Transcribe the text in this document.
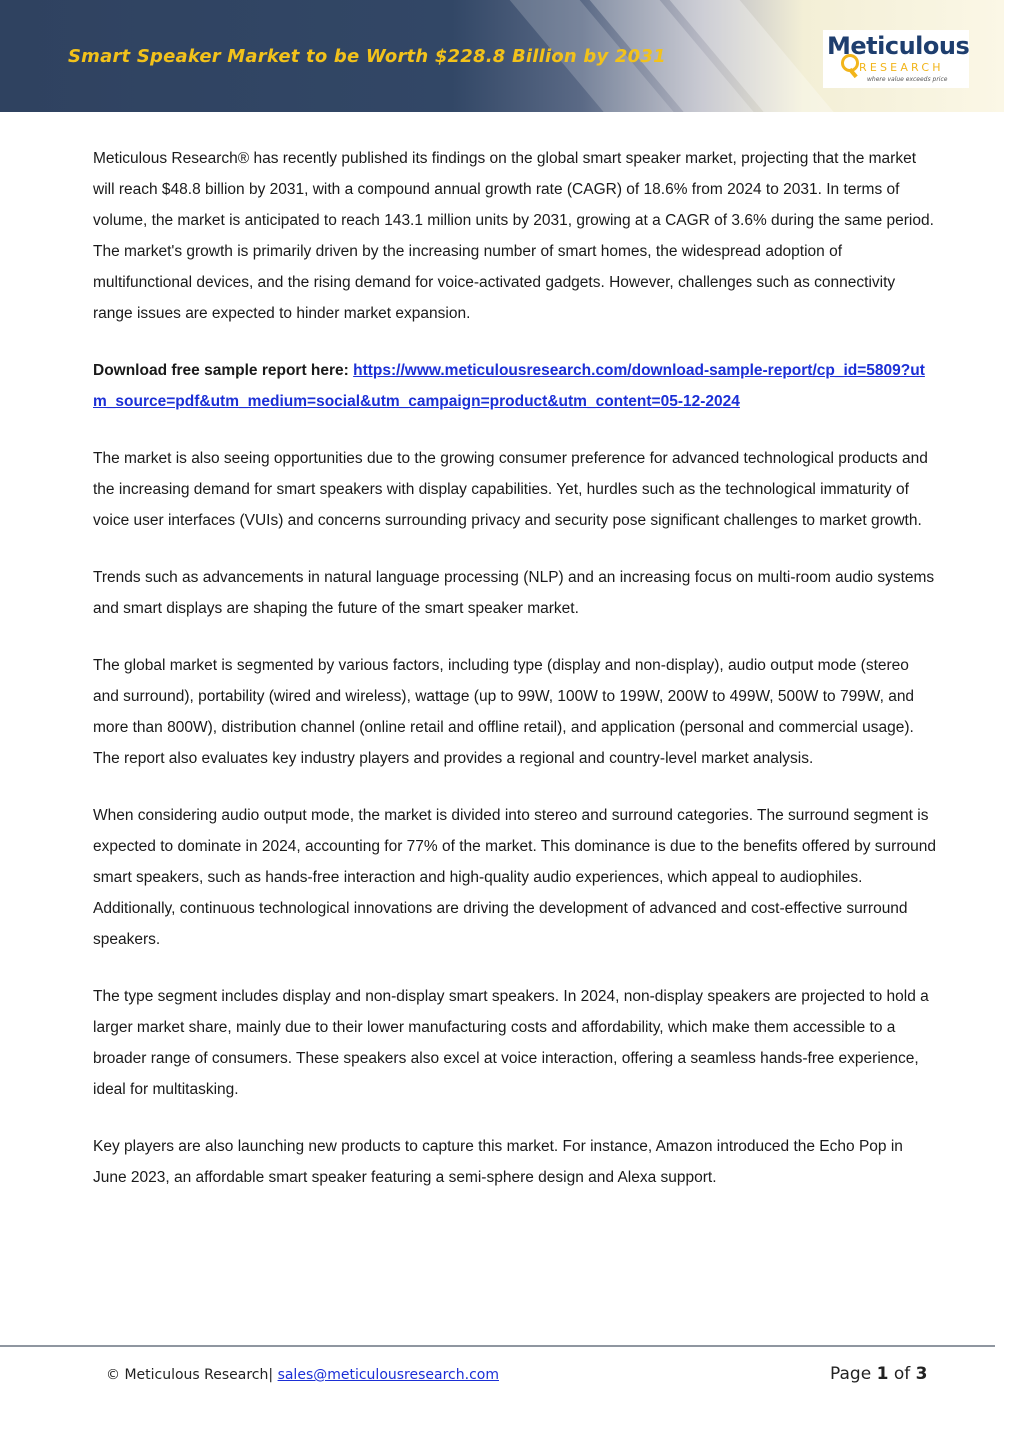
Smart Speaker Market to be Worth $228.8 Billion by 2031	Meticulous
RESEARCH
where value exceeds price

Meticulous Research® has recently published its findings on the global smart speaker market, projecting that the market will reach $48.8 billion by 2031, with a compound annual growth rate (CAGR) of 18.6% from 2024 to 2031. In terms of volume, the market is anticipated to reach 143.1 million units by 2031, growing at a CAGR of 3.6% during the same period. The market's growth is primarily driven by the increasing number of smart homes, the widespread adoption of multifunctional devices, and the rising demand for voice-activated gadgets. However, challenges such as connectivity range issues are expected to hinder market expansion.

Download free sample report here: https://www.meticulousresearch.com/download-sample-report/cp_id=5809?utm_source=pdf&utm_medium=social&utm_campaign=product&utm_content=05-12-2024

The market is also seeing opportunities due to the growing consumer preference for advanced technological products and the increasing demand for smart speakers with display capabilities. Yet, hurdles such as the technological immaturity of voice user interfaces (VUIs) and concerns surrounding privacy and security pose significant challenges to market growth.

Trends such as advancements in natural language processing (NLP) and an increasing focus on multi-room audio systems and smart displays are shaping the future of the smart speaker market.

The global market is segmented by various factors, including type (display and non-display), audio output mode (stereo and surround), portability (wired and wireless), wattage (up to 99W, 100W to 199W, 200W to 499W, 500W to 799W, and more than 800W), distribution channel (online retail and offline retail), and application (personal and commercial usage). The report also evaluates key industry players and provides a regional and country-level market analysis.

When considering audio output mode, the market is divided into stereo and surround categories. The surround segment is expected to dominate in 2024, accounting for 77% of the market. This dominance is due to the benefits offered by surround smart speakers, such as hands-free interaction and high-quality audio experiences, which appeal to audiophiles. Additionally, continuous technological innovations are driving the development of advanced and cost-effective surround speakers.

The type segment includes display and non-display smart speakers. In 2024, non-display speakers are projected to hold a larger market share, mainly due to their lower manufacturing costs and affordability, which make them accessible to a broader range of consumers. These speakers also excel at voice interaction, offering a seamless hands-free experience, ideal for multitasking.

Key players are also launching new products to capture this market. For instance, Amazon introduced the Echo Pop in June 2023, an affordable smart speaker featuring a semi-sphere design and Alexa support.

© Meticulous Research| sales@meticulousresearch.com	Page 1 of 3
